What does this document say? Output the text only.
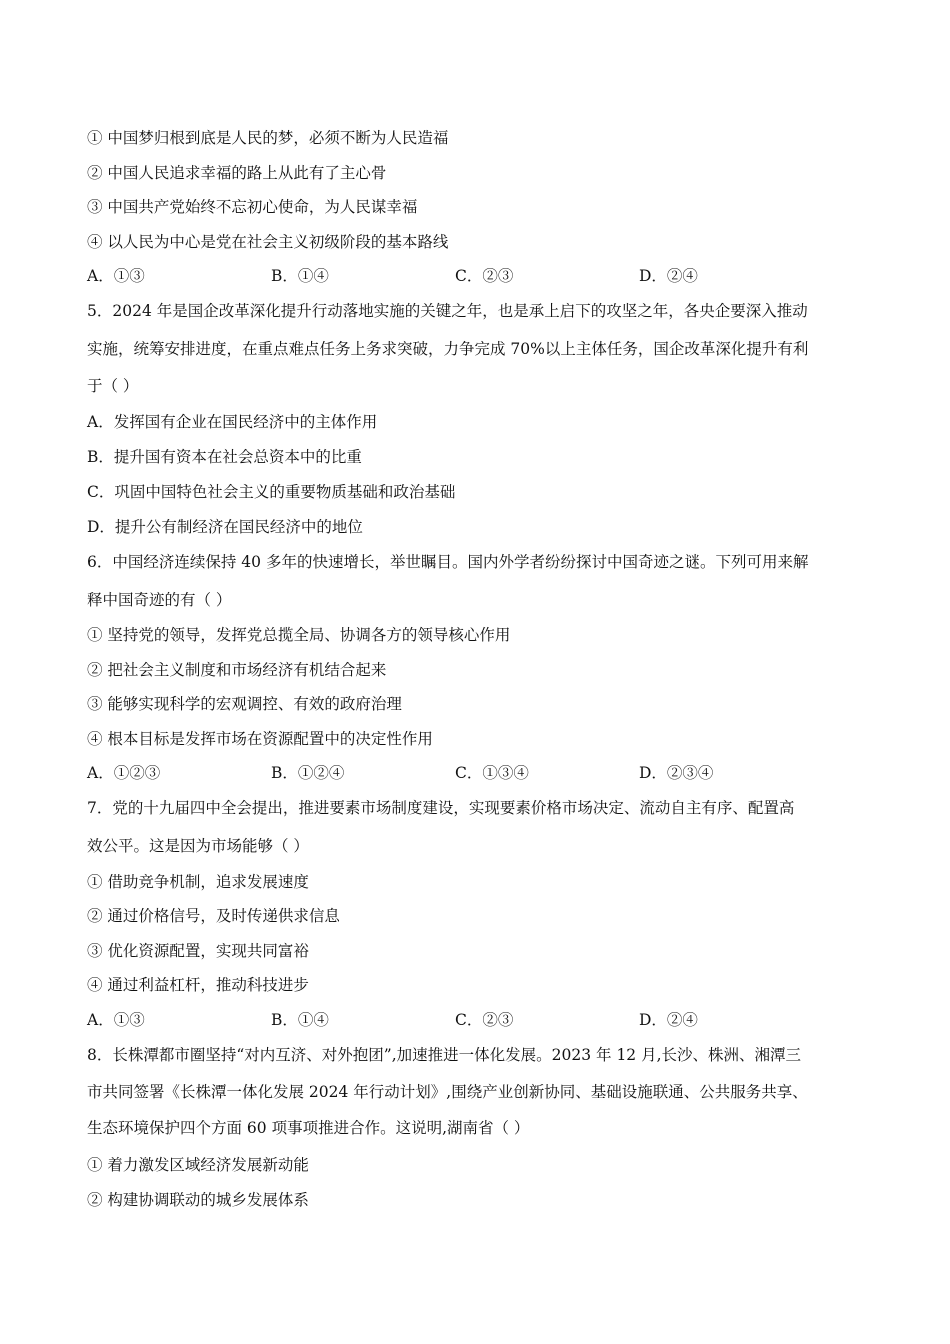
① 中国梦归根到底是人民的梦，必须不断为人民造福
② 中国人民追求幸福的路上从此有了主心骨
③ 中国共产党始终不忘初心使命，为人民谋幸福
④ 以人民为中心是党在社会主义初级阶段的基本路线
A．①③	B．①④	C．②③	D．②④
5．2024 年是国企改革深化提升行动落地实施的关键之年，也是承上启下的攻坚之年，各央企要深入推动
实施，统筹安排进度，在重点难点任务上务求突破，力争完成 70%以上主体任务，国企改革深化提升有利
于（ ）
A．发挥国有企业在国民经济中的主体作用
B．提升国有资本在社会总资本中的比重
C．巩固中国特色社会主义的重要物质基础和政治基础
D．提升公有制经济在国民经济中的地位
6．中国经济连续保持 40 多年的快速增长，举世瞩目。国内外学者纷纷探讨中国奇迹之谜。下列可用来解
释中国奇迹的有（ ）
① 坚持党的领导，发挥党总揽全局、协调各方的领导核心作用
② 把社会主义制度和市场经济有机结合起来
③ 能够实现科学的宏观调控、有效的政府治理
④ 根本目标是发挥市场在资源配置中的决定性作用
A．①②③	B．①②④	C．①③④	D．②③④
7．党的十九届四中全会提出，推进要素市场制度建设，实现要素价格市场决定、流动自主有序、配置高
效公平。这是因为市场能够（ ）
① 借助竞争机制，追求发展速度
② 通过价格信号，及时传递供求信息
③ 优化资源配置，实现共同富裕
④ 通过利益杠杆，推动科技进步
A．①③	B．①④	C．②③	D．②④
8．长株潭都市圈坚持“对内互济、对外抱团”,加速推进一体化发展。2023 年 12 月,长沙、株洲、湘潭三
市共同签署《长株潭一体化发展 2024 年行动计划》,围绕产业创新协同、基础设施联通、公共服务共享、
生态环境保护四个方面 60 项事项推进合作。这说明,湖南省（ ）
① 着力激发区域经济发展新动能
② 构建协调联动的城乡发展体系
